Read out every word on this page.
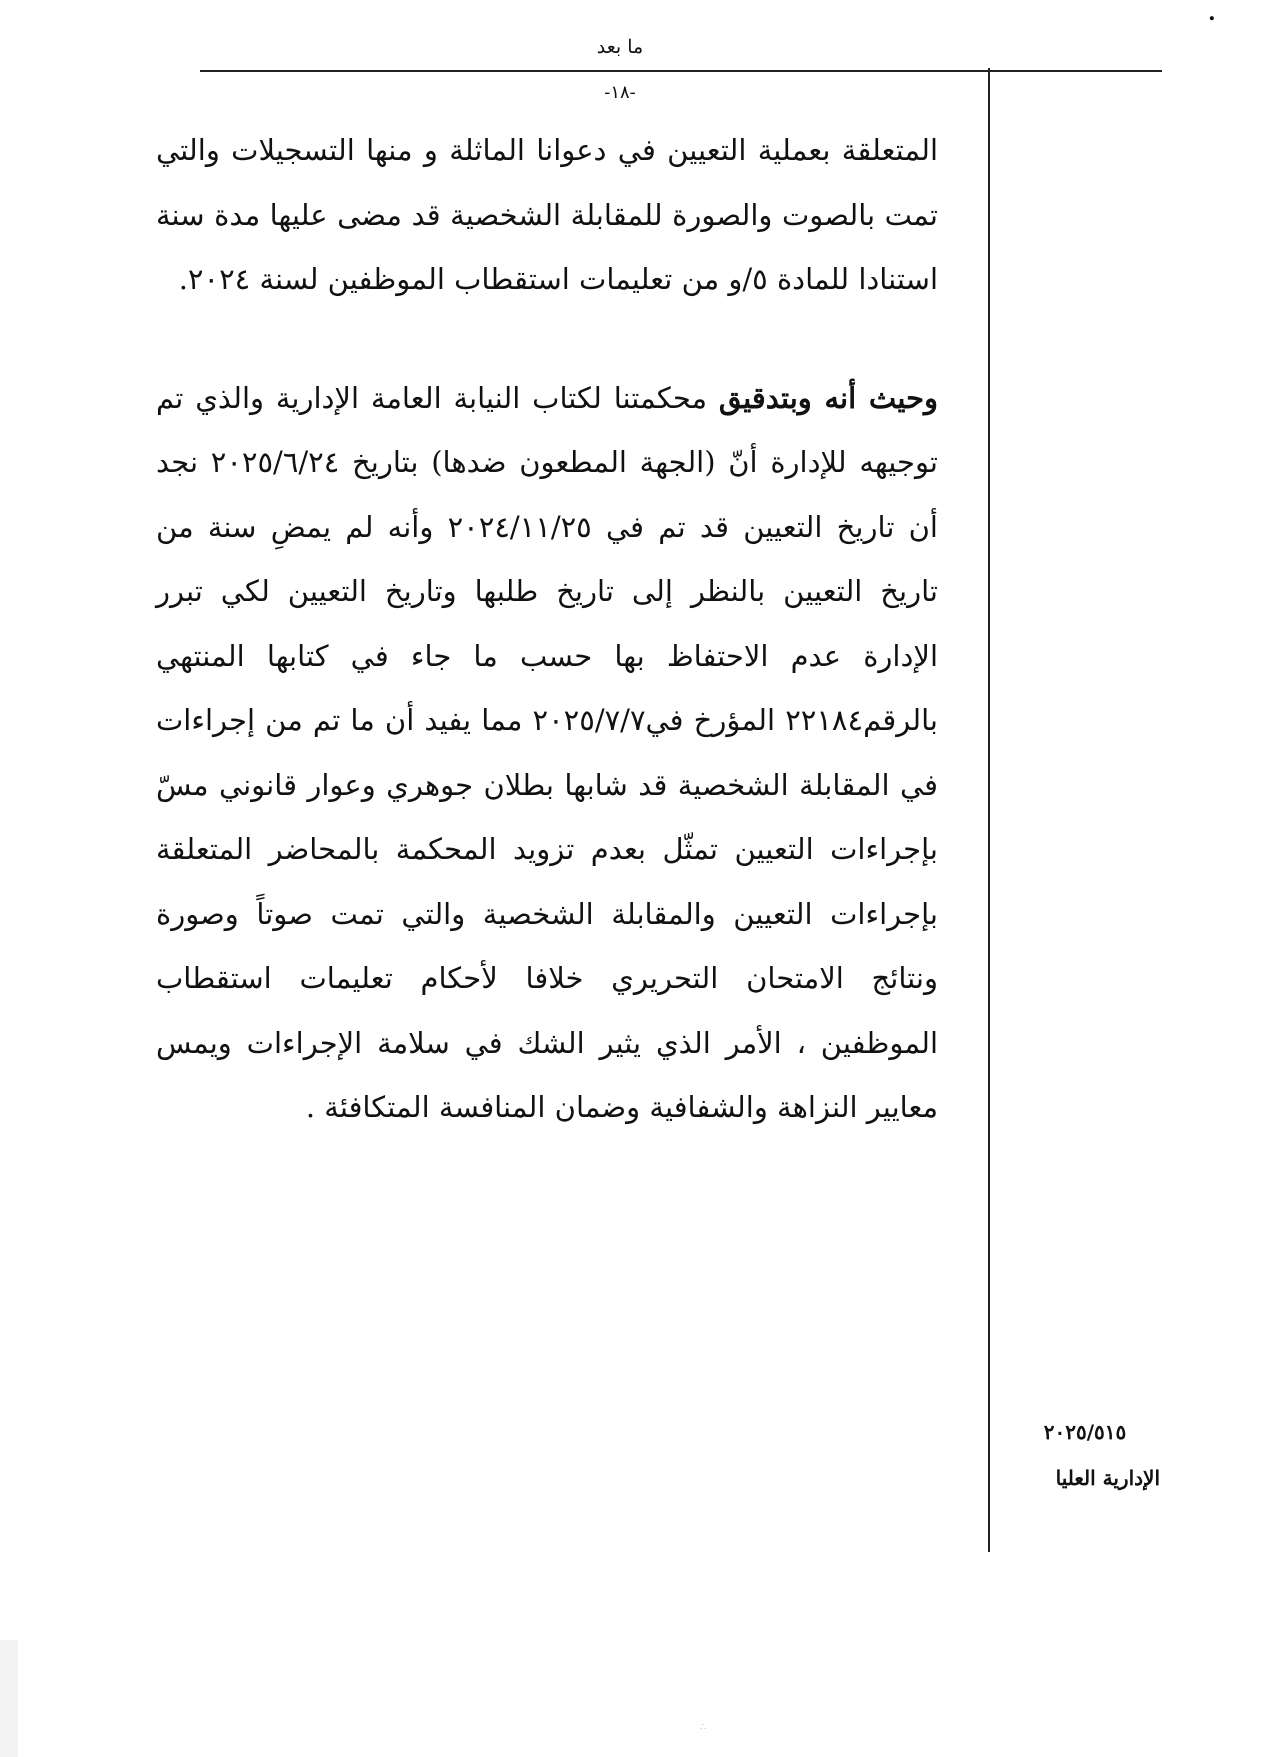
.
ما بعد
-١٨-

المتعلقة بعملية التعيين في دعوانا الماثلة و منها التسجيلات والتي تمت بالصوت والصورة للمقابلة الشخصية قد مضى عليها مدة سنة استنادا للمادة ٥/و من تعليمات استقطاب الموظفين لسنة ٢٠٢٤.

وحيث أنه وبتدقيق محكمتنا لكتاب النيابة العامة الإدارية والذي تم توجيهه للإدارة أنّ (الجهة المطعون ضدها) بتاريخ ٢٠٢٥/٦/٢٤ نجد أن تاريخ التعيين قد تم في ٢٠٢٤/١١/٢٥ وأنه لم يمضِ سنة من تاريخ التعيين بالنظر إلى تاريخ طلبها وتاريخ التعيين لكي تبرر الإدارة عدم الاحتفاظ بها حسب ما جاء في كتابها المنتهي بالرقم٢٢١٨٤ المؤرخ في٢٠٢٥/٧/٧ مما يفيد أن ما تم من إجراءات في المقابلة الشخصية قد شابها بطلان جوهري وعوار قانوني مسّ بإجراءات التعيين تمثّل بعدم تزويد المحكمة بالمحاضر المتعلقة بإجراءات التعيين والمقابلة الشخصية والتي تمت صوتاً وصورة ونتائج الامتحان التحريري خلافا لأحكام تعليمات استقطاب الموظفين ، الأمر الذي يثير الشك في سلامة الإجراءات ويمس معايير النزاهة والشفافية وضمان المنافسة المتكافئة .

٢٠٢٥/٥١٥
الإدارية العليا
∴
